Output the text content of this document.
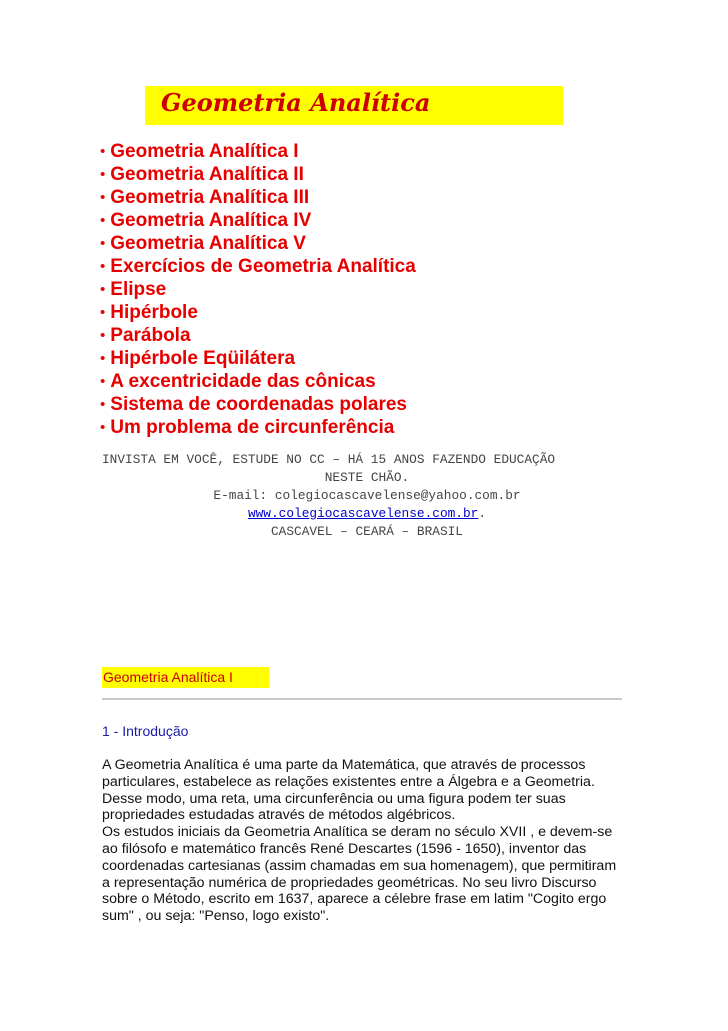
Geometria Analítica
• Geometria Analítica I
• Geometria Analítica II
• Geometria Analítica III
• Geometria Analítica IV
• Geometria Analítica V
• Exercícios de Geometria Analítica
• Elipse
• Hipérbole
• Parábola
• Hipérbole Eqüilátera
• A excentricidade das cônicas
• Sistema de coordenadas polares
• Um problema de circunferência
INVISTA EM VOCÊ, ESTUDE NO CC – HÁ 15 ANOS FAZENDO EDUCAÇÃO
NESTE CHÃO.
E-mail: colegiocascavelense@yahoo.com.br
www.colegiocascavelense.com.br.
CASCAVEL – CEARÁ – BRASIL
Geometria Analítica I
1 - Introdução

A Geometria Analítica é uma parte da Matemática, que através de processos particulares, estabelece as relações existentes entre a Álgebra e a Geometria. Desse modo, uma reta, uma circunferência ou uma figura podem ter suas propriedades estudadas através de métodos algébricos.

Os estudos iniciais da Geometria Analítica se deram no século XVII , e devem-se ao filósofo e matemático francês René Descartes (1596 - 1650), inventor das coordenadas cartesianas (assim chamadas em sua homenagem), que permitiram a representação numérica de propriedades geométricas. No seu livro Discurso sobre o Método, escrito em 1637, aparece a célebre frase em latim "Cogito ergo sum" , ou seja: "Penso, logo existo".
